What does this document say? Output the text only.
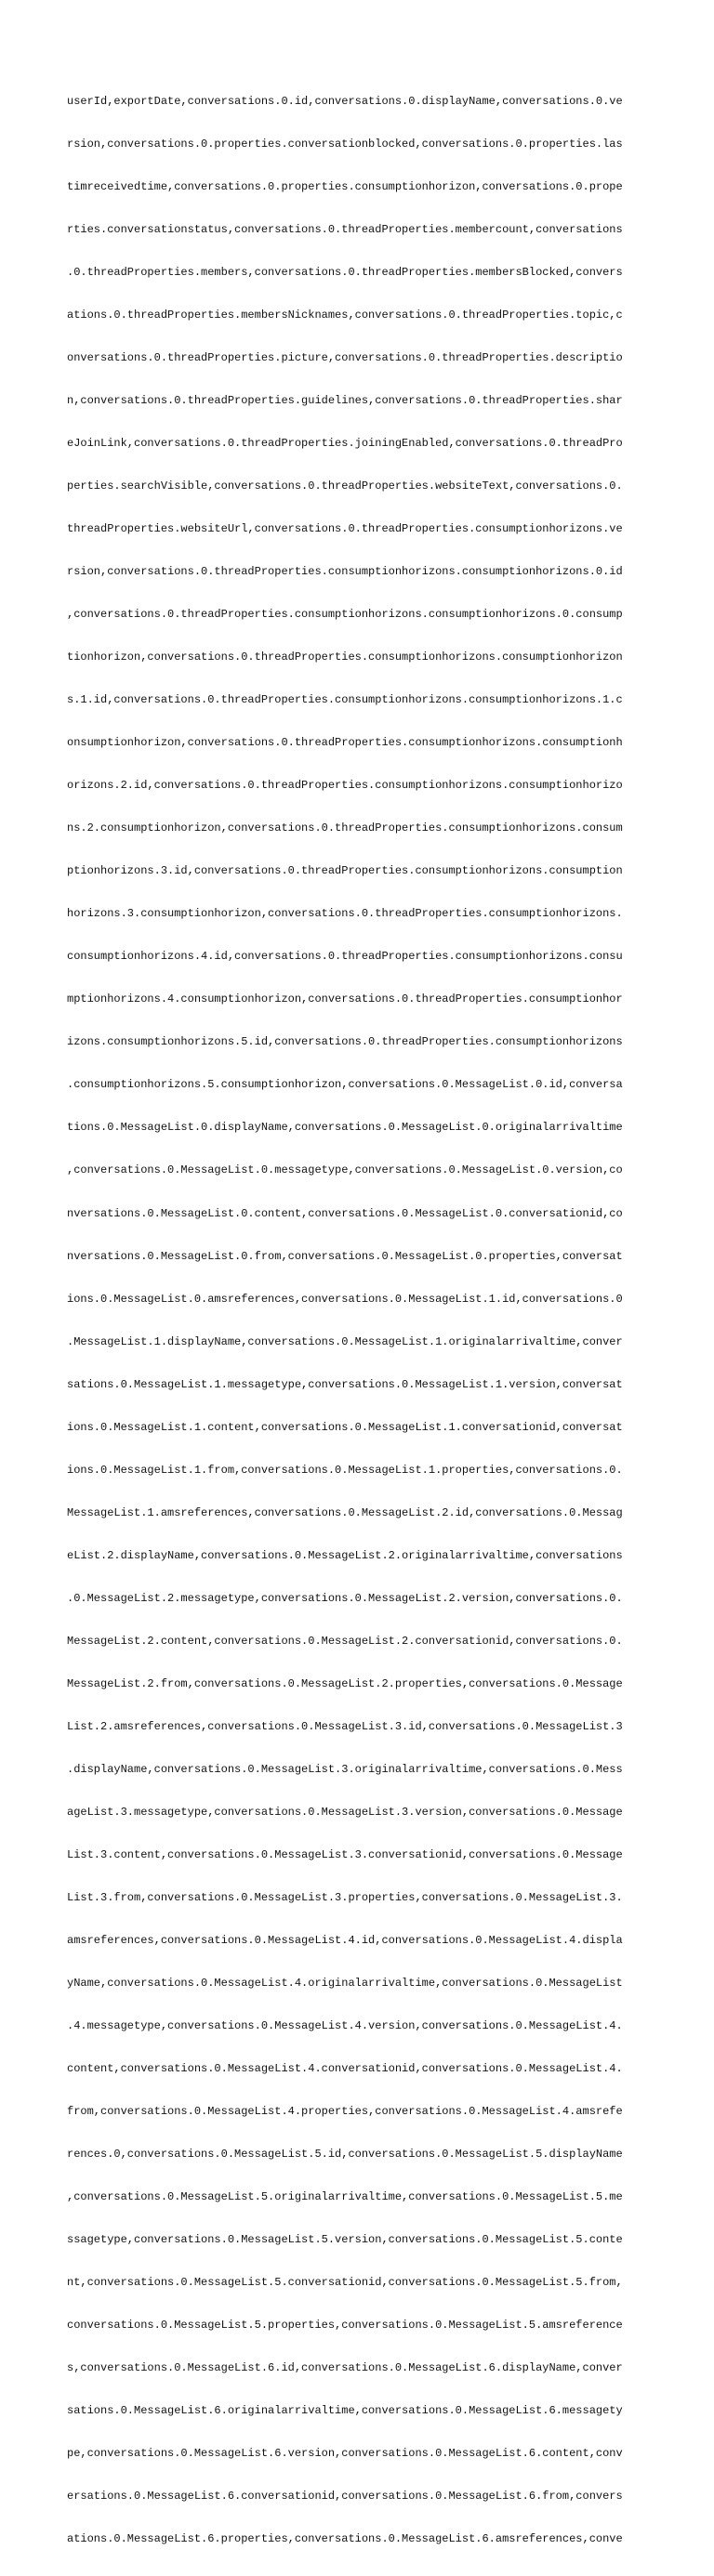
userId,exportDate,conversations.0.id,conversations.0.displayName,conversations.0.ve

rsion,conversations.0.properties.conversationblocked,conversations.0.properties.las

timreceivedtime,conversations.0.properties.consumptionhorizon,conversations.0.prope

rties.conversationstatus,conversations.0.threadProperties.membercount,conversations

.0.threadProperties.members,conversations.0.threadProperties.membersBlocked,convers

ations.0.threadProperties.membersNicknames,conversations.0.threadProperties.topic,c

onversations.0.threadProperties.picture,conversations.0.threadProperties.descriptio

n,conversations.0.threadProperties.guidelines,conversations.0.threadProperties.shar

eJoinLink,conversations.0.threadProperties.joiningEnabled,conversations.0.threadPro

perties.searchVisible,conversations.0.threadProperties.websiteText,conversations.0.

threadProperties.websiteUrl,conversations.0.threadProperties.consumptionhorizons.ve

rsion,conversations.0.threadProperties.consumptionhorizons.consumptionhorizons.0.id

,conversations.0.threadProperties.consumptionhorizons.consumptionhorizons.0.consump

tionhorizon,conversations.0.threadProperties.consumptionhorizons.consumptionhorizon

s.1.id,conversations.0.threadProperties.consumptionhorizons.consumptionhorizons.1.c

onsumptionhorizon,conversations.0.threadProperties.consumptionhorizons.consumptionh

orizons.2.id,conversations.0.threadProperties.consumptionhorizons.consumptionhorizo

ns.2.consumptionhorizon,conversations.0.threadProperties.consumptionhorizons.consum

ptionhorizons.3.id,conversations.0.threadProperties.consumptionhorizons.consumption

horizons.3.consumptionhorizon,conversations.0.threadProperties.consumptionhorizons.

consumptionhorizons.4.id,conversations.0.threadProperties.consumptionhorizons.consu

mptionhorizons.4.consumptionhorizon,conversations.0.threadProperties.consumptionhor

izons.consumptionhorizons.5.id,conversations.0.threadProperties.consumptionhorizons

.consumptionhorizons.5.consumptionhorizon,conversations.0.MessageList.0.id,conversa

tions.0.MessageList.0.displayName,conversations.0.MessageList.0.originalarrivaltime

,conversations.0.MessageList.0.messagetype,conversations.0.MessageList.0.version,co

nversations.0.MessageList.0.content,conversations.0.MessageList.0.conversationid,co

nversations.0.MessageList.0.from,conversations.0.MessageList.0.properties,conversat

ions.0.MessageList.0.amsreferences,conversations.0.MessageList.1.id,conversations.0

.MessageList.1.displayName,conversations.0.MessageList.1.originalarrivaltime,conver

sations.0.MessageList.1.messagetype,conversations.0.MessageList.1.version,conversat

ions.0.MessageList.1.content,conversations.0.MessageList.1.conversationid,conversat

ions.0.MessageList.1.from,conversations.0.MessageList.1.properties,conversations.0.

MessageList.1.amsreferences,conversations.0.MessageList.2.id,conversations.0.Messag

eList.2.displayName,conversations.0.MessageList.2.originalarrivaltime,conversations

.0.MessageList.2.messagetype,conversations.0.MessageList.2.version,conversations.0.

MessageList.2.content,conversations.0.MessageList.2.conversationid,conversations.0.

MessageList.2.from,conversations.0.MessageList.2.properties,conversations.0.Message

List.2.amsreferences,conversations.0.MessageList.3.id,conversations.0.MessageList.3

.displayName,conversations.0.MessageList.3.originalarrivaltime,conversations.0.Mess

ageList.3.messagetype,conversations.0.MessageList.3.version,conversations.0.Message

List.3.content,conversations.0.MessageList.3.conversationid,conversations.0.Message

List.3.from,conversations.0.MessageList.3.properties,conversations.0.MessageList.3.

amsreferences,conversations.0.MessageList.4.id,conversations.0.MessageList.4.displa

yName,conversations.0.MessageList.4.originalarrivaltime,conversations.0.MessageList

.4.messagetype,conversations.0.MessageList.4.version,conversations.0.MessageList.4.

content,conversations.0.MessageList.4.conversationid,conversations.0.MessageList.4.

from,conversations.0.MessageList.4.properties,conversations.0.MessageList.4.amsrefe

rences.0,conversations.0.MessageList.5.id,conversations.0.MessageList.5.displayName

,conversations.0.MessageList.5.originalarrivaltime,conversations.0.MessageList.5.me

ssagetype,conversations.0.MessageList.5.version,conversations.0.MessageList.5.conte

nt,conversations.0.MessageList.5.conversationid,conversations.0.MessageList.5.from,

conversations.0.MessageList.5.properties,conversations.0.MessageList.5.amsreference

s,conversations.0.MessageList.6.id,conversations.0.MessageList.6.displayName,conver

sations.0.MessageList.6.originalarrivaltime,conversations.0.MessageList.6.messagety

pe,conversations.0.MessageList.6.version,conversations.0.MessageList.6.content,conv

ersations.0.MessageList.6.conversationid,conversations.0.MessageList.6.from,convers

ations.0.MessageList.6.properties,conversations.0.MessageList.6.amsreferences,conve
